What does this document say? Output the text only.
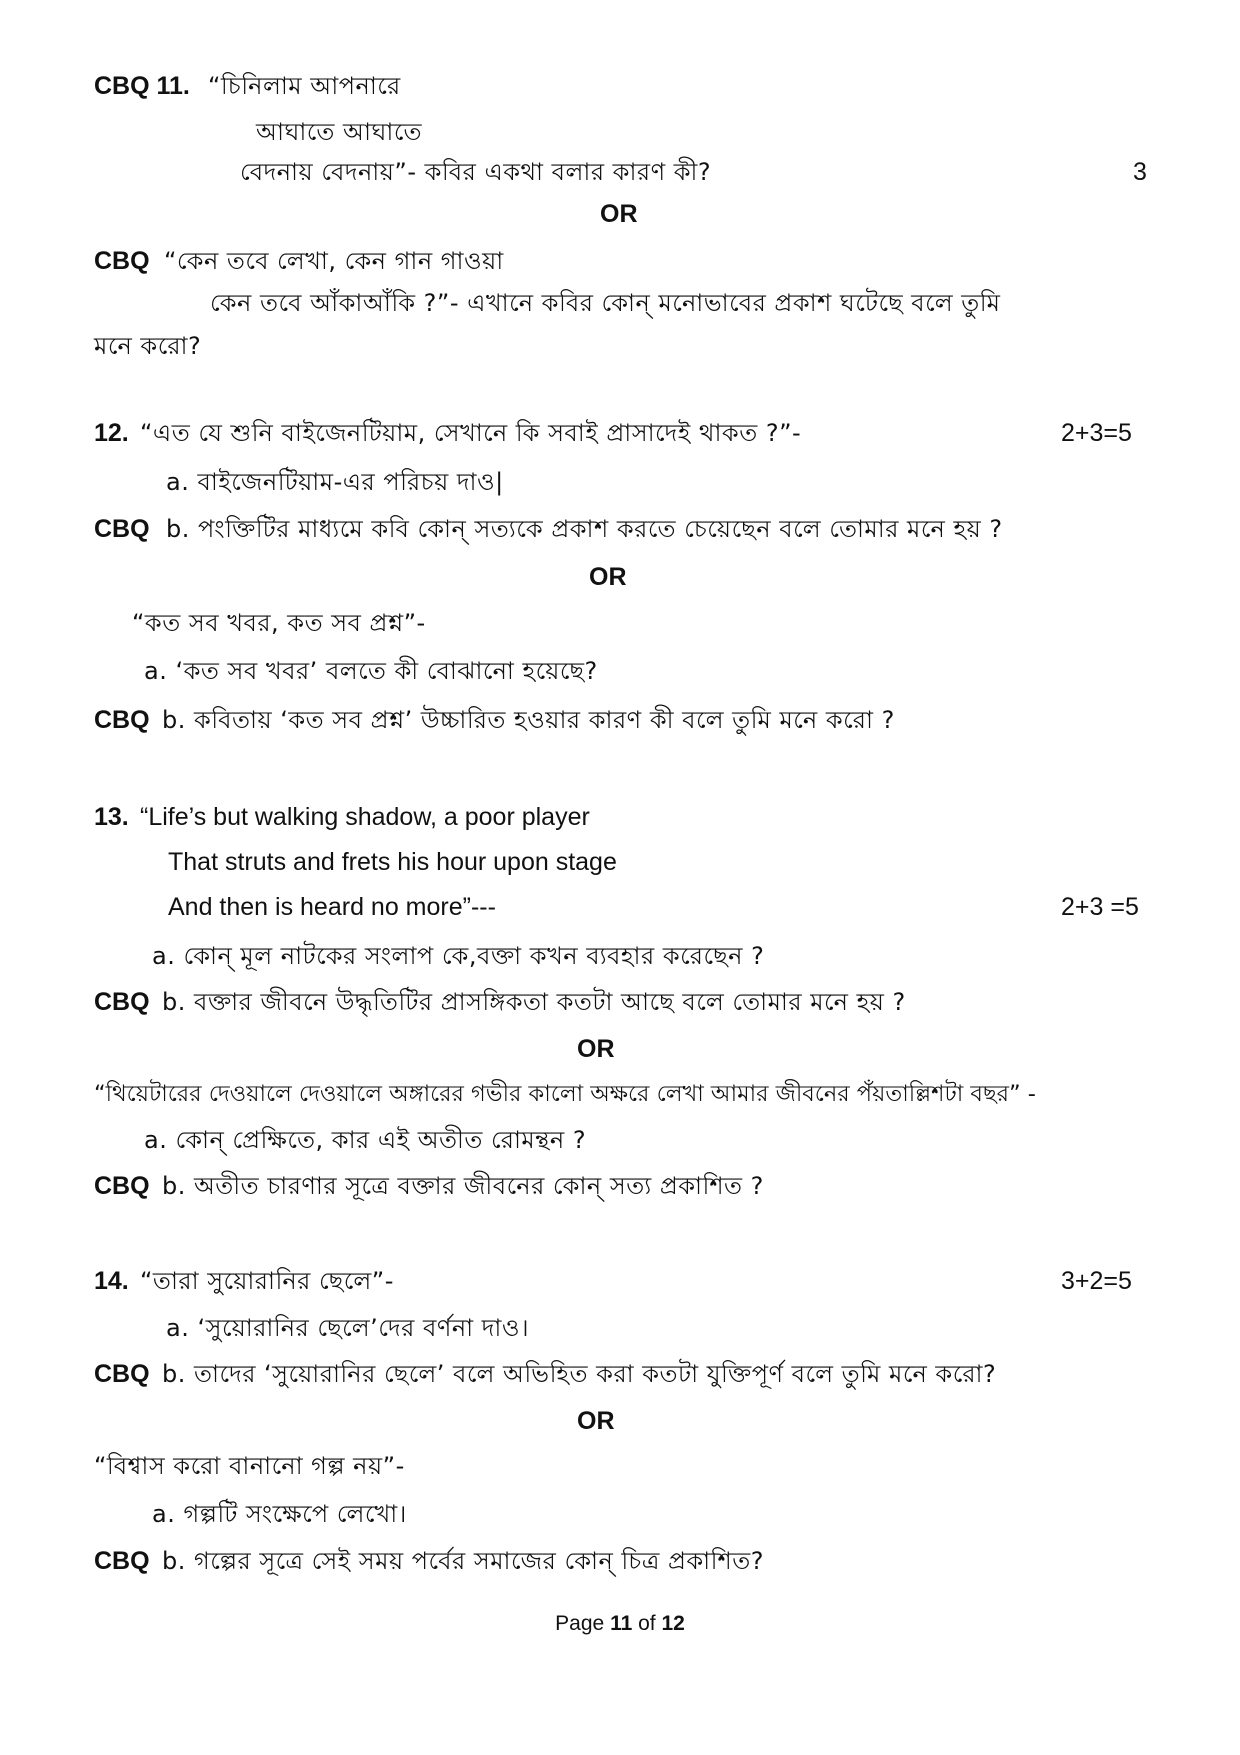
CBQ 11. “চিনিলাম আপনারে
আঘাতে আঘাতে
বেদনায় বেদনায়”- কবির একথা বলার কারণ কী?	3
OR
CBQ “কেন তবে লেখা, কেন গান গাওয়া
কেন তবে আঁকাআঁকি ?”- এখানে কবির কোন্ মনোভাবের প্রকাশ ঘটেছে বলে তুমি
মনে করো?
12. “এত যে শুনি বাইজেনটিয়াম, সেখানে কি সবাই প্রাসাদেই থাকত ?”-	2+3=5
a. বাইজেনটিয়াম-এর পরিচয় দাও|
CBQ b. পংক্তিটির মাধ্যমে কবি কোন্ সত্যকে প্রকাশ করতে চেয়েছেন বলে তোমার মনে হয় ?
OR
“কত সব খবর, কত সব প্রশ্ন”-
a. ‘কত সব খবর’ বলতে কী বোঝানো হয়েছে?
CBQ b. কবিতায় ‘কত সব প্রশ্ন’ উচ্চারিত হওয়ার কারণ কী বলে তুমি মনে করো ?
13. “Life’s but walking shadow, a poor player
That struts and frets his hour upon stage
And then is heard no more”---	2+3 =5
a. কোন্ মূল নাটকের সংলাপ কে,বক্তা কখন ব্যবহার করেছেন ?
CBQ b. বক্তার জীবনে উদ্ধৃতিটির প্রাসঙ্গিকতা কতটা আছে বলে তোমার মনে হয় ?
OR
“থিয়েটারের দেওয়ালে দেওয়ালে অঙ্গারের গভীর কালো অক্ষরে লেখা আমার জীবনের পঁয়তাল্লিশটা বছর” -
a. কোন্ প্রেক্ষিতে, কার এই অতীত রোমন্থন ?
CBQ b. অতীত চারণার সূত্রে বক্তার জীবনের কোন্ সত্য প্রকাশিত ?
14. “তারা সুয়োরানির ছেলে”-	3+2=5
a. ‘সুয়োরানির ছেলে’দের বর্ণনা দাও।
CBQ b. তাদের ‘সুয়োরানির ছেলে’ বলে অভিহিত করা কতটা যুক্তিপূর্ণ বলে তুমি মনে করো?
OR
“বিশ্বাস করো বানানো গল্প নয়”-
a. গল্পটি সংক্ষেপে লেখো।
CBQ b. গল্পের সূত্রে সেই সময় পর্বের সমাজের কোন্ চিত্র প্রকাশিত?
Page 11 of 12
